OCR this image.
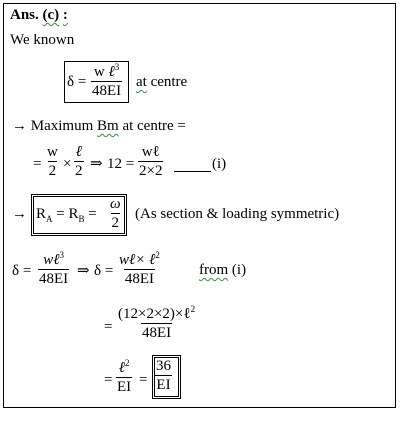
Ans. (c) :
We known
δ =
w ℓ$^3$
48EI
at centre
→ Maximum Bm at centre =
= $\frac{w}{2}$ ×
ℓ
2 ⇒ 12 =
wℓ
2×2	(i)
→ $R_A = R_B = \frac{\omega}{2} (As$ section & loading symmetric)
δ =
wℓ$^3$
48EI ⇒ δ =
wℓ× ℓ$^2$
48EI
from (i)
=
(12×2×2)×ℓ$^2$
48EI
=
ℓ$^2$
EI = $\frac{36}{EI}$
